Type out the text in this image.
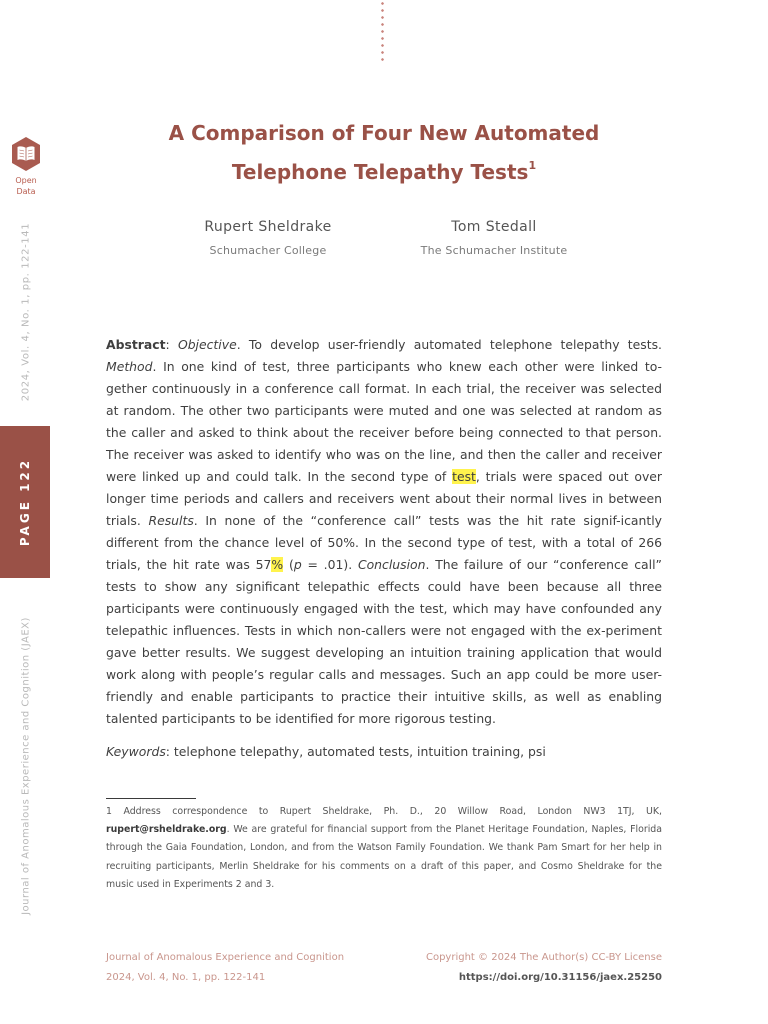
Open Data
2024, Vol. 4, No. 1, pp. 122-141
PAGE 122
Journal of Anomalous Experience and Cognition (JAEX)
A Comparison of Four New Automated
Telephone Telepathy Tests$^1$
Rupert Sheldrake
Schumacher College
Tom Stedall
The Schumacher Institute

Abstract: Objective. To develop user-friendly automated telephone telepathy tests. Method. In one kind of test, three participants who knew each other were linked to-gether continuously in a conference call format. In each trial, the receiver was selected at random. The other two participants were muted and one was selected at random as the caller and asked to think about the receiver before being connected to that person. The receiver was asked to identify who was on the line, and then the caller and receiver were linked up and could talk. In the second type of test, trials were spaced out over longer time periods and callers and receivers went about their normal lives in between trials. Results. In none of the “conference call” tests was the hit rate signif-icantly different from the chance level of 50%. In the second type of test, with a total of 266 trials, the hit rate was 57% (p = .01). Conclusion. The failure of our “conference call” tests to show any significant telepathic effects could have been because all three participants were continuously engaged with the test, which may have confounded any telepathic influences. Tests in which non-callers were not engaged with the ex-periment gave better results. We suggest developing an intuition training application that would work along with people’s regular calls and messages. Such an app could be more user-friendly and enable participants to practice their intuitive skills, as well as enabling talented participants to be identified for more rigorous testing.

Keywords: telephone telepathy, automated tests, intuition training, psi

1 Address correspondence to Rupert Sheldrake, Ph. D., 20 Willow Road, London NW3 1TJ, UK, rupert@rsheldrake.org. We are grateful for financial support from the Planet Heritage Foundation, Naples, Florida through the Gaia Foundation, London, and from the Watson Family Foundation. We thank Pam Smart for her help in recruiting participants, Merlin Sheldrake for his comments on a draft of this paper, and Cosmo Sheldrake for the music used in Experiments 2 and 3.

Journal of Anomalous Experience and Cognition
2024, Vol. 4, No. 1, pp. 122-141
Copyright © 2024 The Author(s) CC-BY License
https://doi.org/10.31156/jaex.25250
